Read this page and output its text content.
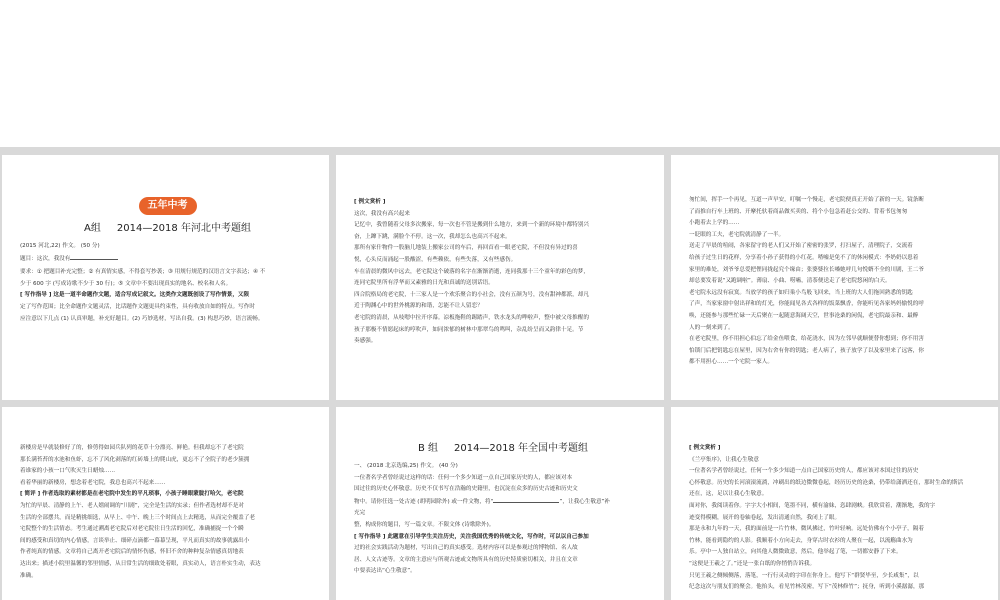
五年中考
A组 2014—2018 年河北中考题组
(2015 河北,22) 作文。 (50 分)
题目：这次，我没有
要求：① 把题目补充完整；② 有真情实感，不得套写抄袭；③ 用规行规范的汉语言文字表达；④ 不
少于 600 字 (写成诗歌不少于 30 行)；⑤ 文章中不要出现真实的地名、校名和人名。
[ 写作指导 ] 这是一道半命题作文题，适合写成记叙文。这类作文题既创设了写作情景，又限
定了写作范围；比全命题作文题灵活，比话题作文题更具约束性，具有收放自如的特点。写作时
应注意以下几点 (1) 认真审题，补充好题目。(2) 巧妙选材，写出自我。(3) 构思巧妙，语言流畅。
[ 例文赏析 ]
这次，我没有高兴起来
记忆中，我曾随着父母多次搬家，每一次也不管是搬到什么地方，来到一个新的环境中都特别兴
奋，上蹿下跳，满脸个不停。这一次，我却怎么也高兴不起来。
那所有家什物件一股脑儿地装上搬家公司的车后，再回首看一眼老宅院，不但没有异过的喜
悦，心头反而涌起一股酸涩，有些赖依，有些失落，又有些感伤。
车在清晨的微风中远去，老宅院这个破落的名字在渐渐消逝，连同我那十三个童年的彩色的梦，
连同宅院里所有浮华而又素雅的日光和真诚的送别话语。
四合院格局的老宅院，十三家人是一个欢乐聚合的小社会，没有五颜为号，没有甜神都派，却凡
近于陶渊心中的世外桃源的和谐，怎能不让人留恋？
老宅院的清晨，从吱嗯中拉开序幕。凉板拖鞋的踢踏声，铁水龙头的哗啦声，整中被父母推醒的
孩子那极不情愿起床的哼吹声，如同浓郁的树林中那翠鸟的鸣叫，杂乱纷呈而又韵律十足。节
奏感强。
匆忙间，挥手一个再见，互道一声早安，叮嘱一个慢走，老宅院便真正开始了新的一天。镜条断
了而推自行车上班的、开摩托驮着商品做买卖的、将个小包急着赶公交的、背着书包匆匆
小跑着去上学的……
一眨眼的工夫，老宅院就清静了一半。
送走了早晨的喧闹，各家留守的老人们又开始了密密的张罗，打扫屋子，清理院子，交流着
给孩子过生日的花样，分享着小孙子获得的小红花。喳嘘是免不了的休闲模式：李奶奶以患着
家里的难处，刘爷爷总爱把俚同拢起究个缘由；张婆婆拉长嗓她呼几句悦婿不全的川剧，王二爷
却总要发着说“又跑调啦”。薄扇、小曲、唠嗑，清茶便送走了老宅院悠闲的白天。
老宅院永远没有寂寞。当放学的孩子如归巢小鸟般飞回来，当上班的大人们拖回熟悉的钥匙
了声，当家家窗中射出祥和的灯光，你能闻见各式各样的饭菜飘香，你能听见各家妈妈愉悦的呼
唤，还能参与那些忙碌一天后聚在一起随意海阔天空，世事沧桑的闲侃，老宅院最亲和、最醉
人的一刻来到了。
在老宅院里，你不用担心伯忘了给金鱼喂食，给花浇水，因为左邻早就顺便替你想到；你不用害
怕锁门后把钥匙忘在屋里，因为右舍有你的钥匙；老人病了，孩子放学了以及家里来了远客，你
都不用担心……一个宅院一家人。
新楼房是早就装修好了的，修剪得如园兵队列的花草十分漂亮、鲜艳。但我却忘不了老宅院
那长满苔苔的水池和鱼虾，忘不了风化剥落的红砖墙上的爬山虎，更忘不了全院子的老少簇拥
着谁家的小孩一口气吹灭生日蜡烛……
看着华丽的新楼房，想念着老宅院，我总也高兴不起来……
[ 简评 ] 作者选取的素材都是在老宅院中发生的平凡琐事，小孩子睡眼蒙胧打哈欠，老宅院
为忙的早晨、清静的上午、老人嬉闹调的“川剧”，完全是生活的实录；但作者选材却不是对
生活的全部摆共，而是精挑细选，从早上、中午、晚上三个时间点上去精选，从而完全覆盖了老
宅院整个的生活情态。考生通过溯离老宅院后对老宅院往日生活的回忆，准确捕捉一个个瞬
间的感受和真切的内心情感，言谈举止、细碎点滴都一幕幕呈现，平凡而真实的故事就露出小
作者纯真的情感。文章将自己离开老宅院后的情怀伤感，怀旧不舍的种种复杂情感真切地表
达出来；描述小院里温馨的邻里情感，从日常生活的细致处着眼，真实动人，语言朴实生动，表达
准确。
B 组 2014—2018 年全国中考题组
一、 (2018 北京选编,25) 作文。 (40 分)
一位著名学者曾经说过这样的话：任何一个多少知道一点自己国家历史的人，都应该对本
国过往的历史心怀敬意。历史不仅书写在浩瀚的史籍里，也沉淀在众多的历史古迹和历史文
物中。请你任选一处古迹 (胡明园除外) 或一件文物，将“	”，让我心生敬意”补
充完
整，构成你的题目，写一篇文章。不限文体 (诗歌除外)。
[ 写作指导 ] 此题意在引导学生关注历史，关注我国优秀的传统文化，写作时，可以以自己参加
过的社会实践活动为题材，写出自己的真实感受。选材内容可以是参观过的博物馆、名人故
居、人文古迹等。文章的主意应与所观古迹或文物所具有的历史特质密切相关，并且在文章
中要表达出“心生敬意”。
[ 例文赏析 ]
《兰亭集序》，让我心生敬意
一位著名学者曾经说过，任何一个多少知道一点自己国家历史的人，都应该对本国过往的历史
心怀敬意。历史的长河滚滚流淌，冲刷出的纸边微微卷起，经历历史的沧桑，仍带给潇洒还在，那时生命的斯活
还在，这，足以让我心生敬意。
面对你，我阅读着你。字字大小相间，笔墨不同，横有渝妹，恣肆剧峡。我欣赏着，潮渐地，我的字
迹变得模糊，展开的卷轴卷起，发出清通自然，我闭上了眼。
那是永和九年的一天，我的面前是一片竹林，微风拂过，竹叶轻响。远处仿佛有个小亭子，隔着
竹林，能看到隐约的人影。我顺着小方向走去，身穿古时衣衫的人聚在一起，以流觞曲水为
乐。亭中一人独自站立，向其他人微微致意，然后，他举起了笔，一切都安静了下来。
“这便是王羲之了。”还是一张白纸的你悄悄告诉我。
只见王羲之侧倾侧落，落笔，一行行灵动的字印在你身上。他写下“群贤毕至，少长咸集”，以
纪念这次与朋友们的聚会。他抬头，看见竹林茂密，写下“茂林修竹”；抚身，听到小溪潺潺，那
